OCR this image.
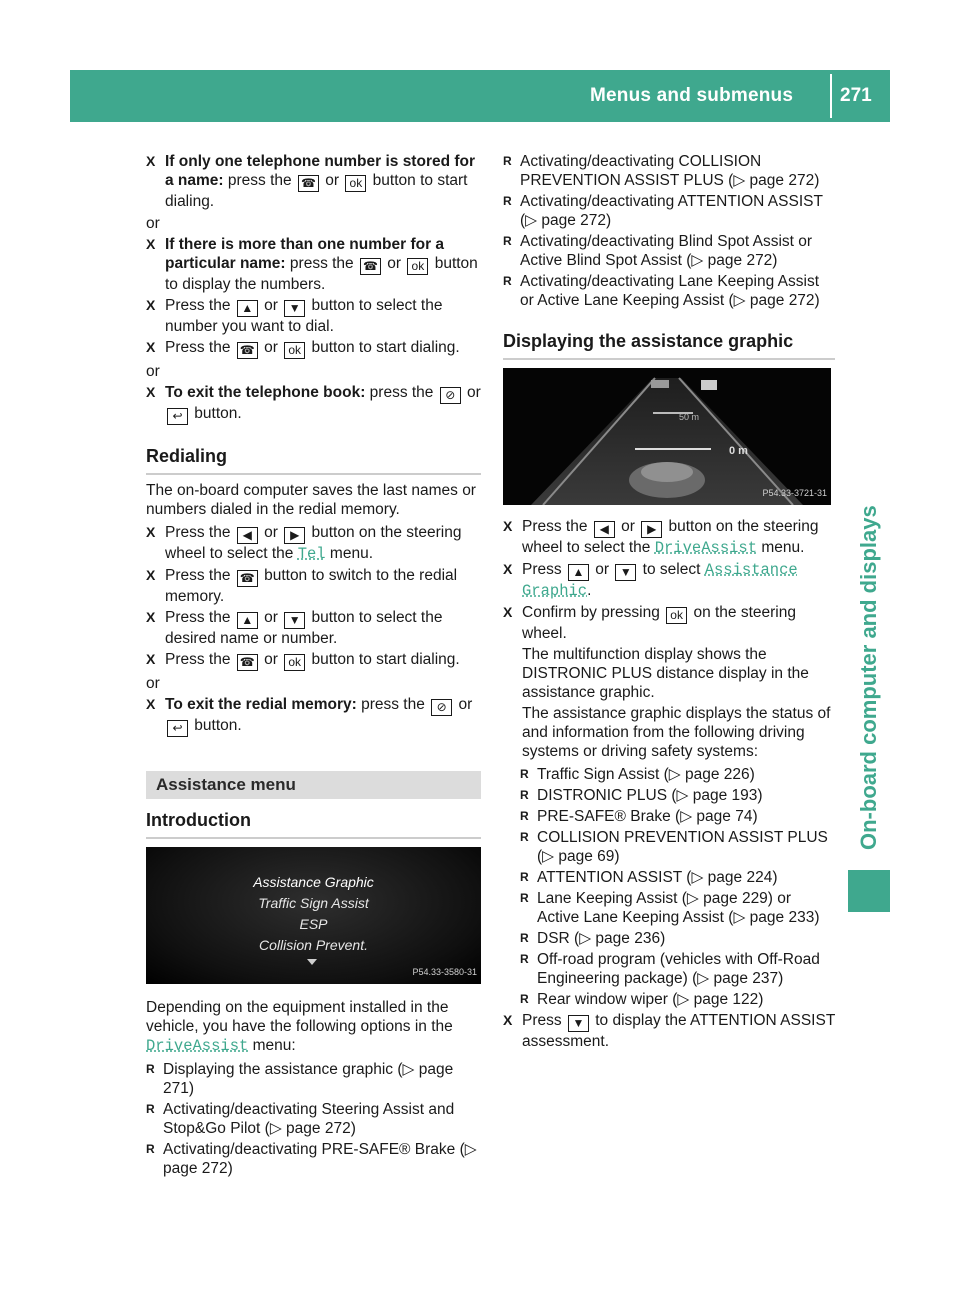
Menus and submenus 271
On-board computer and displays
X If only one telephone number is stored for a name: press the ☎ or ok button to start dialing.
or
X If there is more than one number for a particular name: press the ☎ or ok button to display the numbers.
X Press the ▲ or ▼ button to select the number you want to dial.
X Press the ☎ or ok button to start dialing.
or
X To exit the telephone book: press the ⊘ or ↩ button.
Redialing
The on-board computer saves the last names or numbers dialed in the redial memory.
X Press the ◀ or ▶ button on the steering wheel to select the Tel menu.
X Press the ☎ button to switch to the redial memory.
X Press the ▲ or ▼ button to select the desired name or number.
X Press the ☎ or ok button to start dialing.
or
X To exit the redial memory: press the ⊘ or ↩ button.
Assistance menu
Introduction
Assistance Graphic
Traffic Sign Assist
ESP
Collision Prevent.
P54.33-3580-31
Depending on the equipment installed in the vehicle, you have the following options in the DriveAssist menu:
R Displaying the assistance graphic (▷ page 271)
R Activating/deactivating Steering Assist and Stop&Go Pilot (▷ page 272)
R Activating/deactivating PRE-SAFE® Brake (▷ page 272)
R Activating/deactivating COLLISION PREVENTION ASSIST PLUS (▷ page 272)
R Activating/deactivating ATTENTION ASSIST (▷ page 272)
R Activating/deactivating Blind Spot Assist or Active Blind Spot Assist (▷ page 272)
R Activating/deactivating Lane Keeping Assist or Active Lane Keeping Assist (▷ page 272)
Displaying the assistance graphic
50 m
0 m
P54.33-3721-31
X Press the ◀ or ▶ button on the steering wheel to select the DriveAssist menu.
X Press ▲ or ▼ to select Assistance Graphic.
X Confirm by pressing ok on the steering wheel.
The multifunction display shows the DISTRONIC PLUS distance display in the assistance graphic.
The assistance graphic displays the status of and information from the following driving systems or driving safety systems:
R Traffic Sign Assist (▷ page 226)
R DISTRONIC PLUS (▷ page 193)
R PRE-SAFE® Brake (▷ page 74)
R COLLISION PREVENTION ASSIST PLUS (▷ page 69)
R ATTENTION ASSIST (▷ page 224)
R Lane Keeping Assist (▷ page 229) or Active Lane Keeping Assist (▷ page 233)
R DSR (▷ page 236)
R Off-road program (vehicles with Off-Road Engineering package) (▷ page 237)
R Rear window wiper (▷ page 122)
X Press ▼ to display the ATTENTION ASSIST assessment.
